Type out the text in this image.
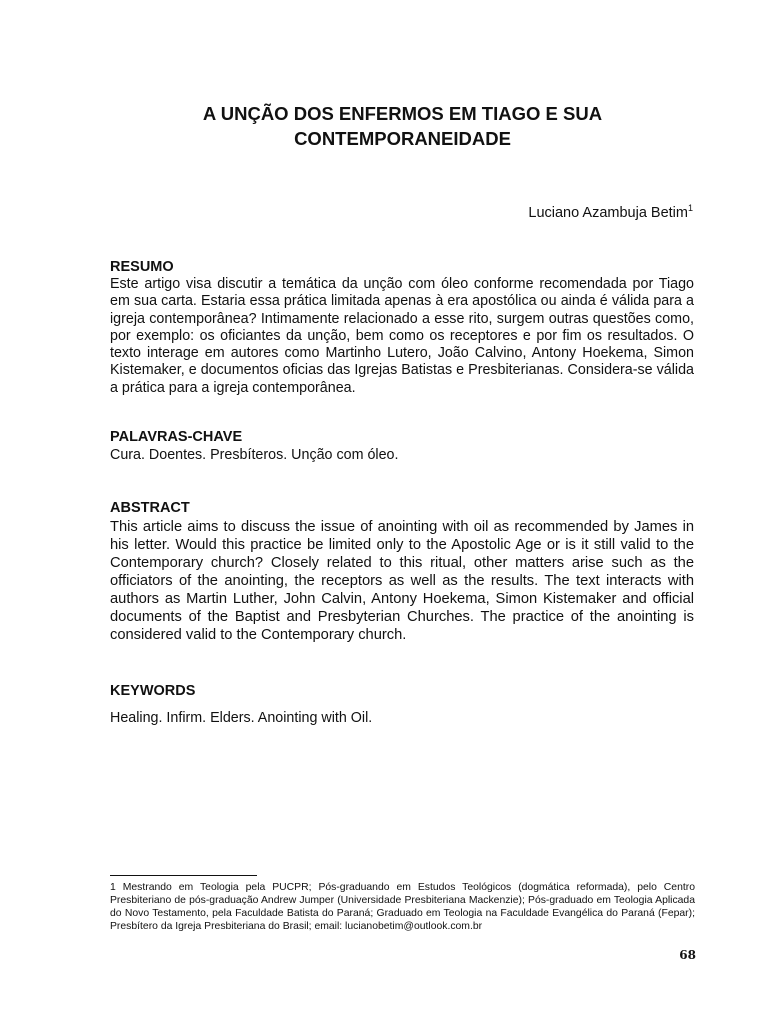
A UNÇÃO DOS ENFERMOS EM TIAGO E SUA
CONTEMPORANEIDADE
Luciano Azambuja Betim$^1$
RESUMO

Este artigo visa discutir a temática da unção com óleo conforme recomendada por Tiago em sua carta. Estaria essa prática limitada apenas à era apostólica ou ainda é válida para a igreja contemporânea? Intimamente relacionado a esse rito, surgem outras questões como, por exemplo: os oficiantes da unção, bem como os receptores e por fim os resultados. O texto interage em autores como Martinho Lutero, João Calvino, Antony Hoekema, Simon Kistemaker, e documentos oficias das Igrejas Batistas e Presbiterianas. Considera-se válida a prática para a igreja contemporânea.

PALAVRAS-CHAVE

Cura. Doentes. Presbíteros. Unção com óleo.

ABSTRACT

This article aims to discuss the issue of anointing with oil as recommended by James in his letter. Would this practice be limited only to the Apostolic Age or is it still valid to the Contemporary church? Closely related to this ritual, other matters arise such as the officiators of the anointing, the receptors as well as the results. The text interacts with authors as Martin Luther, John Calvin, Antony Hoekema, Simon Kistemaker and official documents of the Baptist and Presbyterian Churches. The practice of the anointing is considered valid to the Contemporary church.

KEYWORDS

Healing. Infirm. Elders. Anointing with Oil.

1 Mestrando em Teologia pela PUCPR; Pós-graduando em Estudos Teológicos (dogmática reformada), pelo Centro Presbiteriano de pós-graduação Andrew Jumper (Universidade Presbiteriana Mackenzie); Pós-graduado em Teologia Aplicada do Novo Testamento, pela Faculdade Batista do Paraná; Graduado em Teologia na Faculdade Evangélica do Paraná (Fepar); Presbítero da Igreja Presbiteriana do Brasil; email: lucianobetim@outlook.com.br

68
